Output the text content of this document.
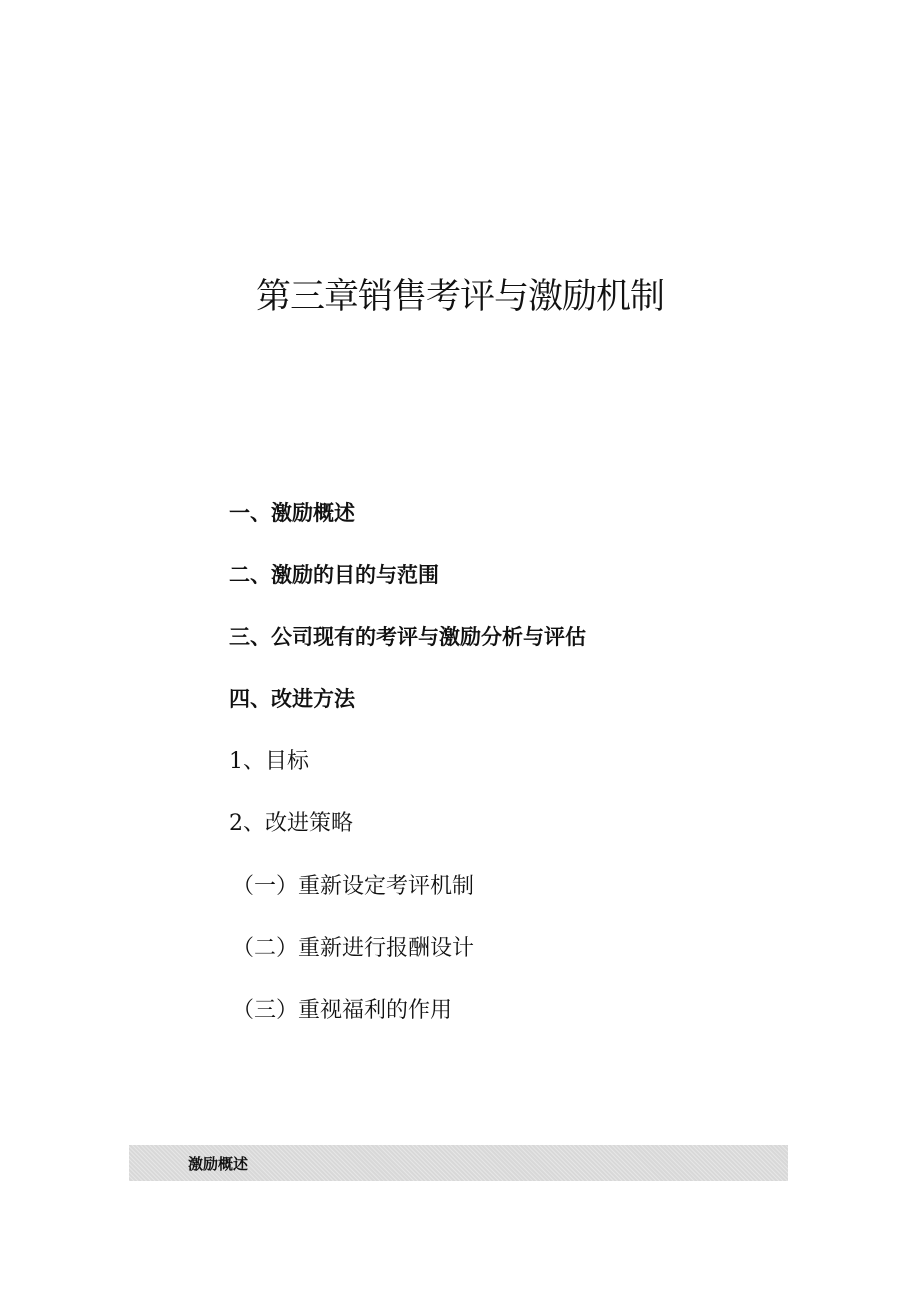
第三章销售考评与激励机制
一、激励概述
二、激励的目的与范围
三、公司现有的考评与激励分析与评估
四、改进方法
1、目标
2、改进策略
（一）重新设定考评机制
（二）重新进行报酬设计
（三）重视福利的作用
激励概述
